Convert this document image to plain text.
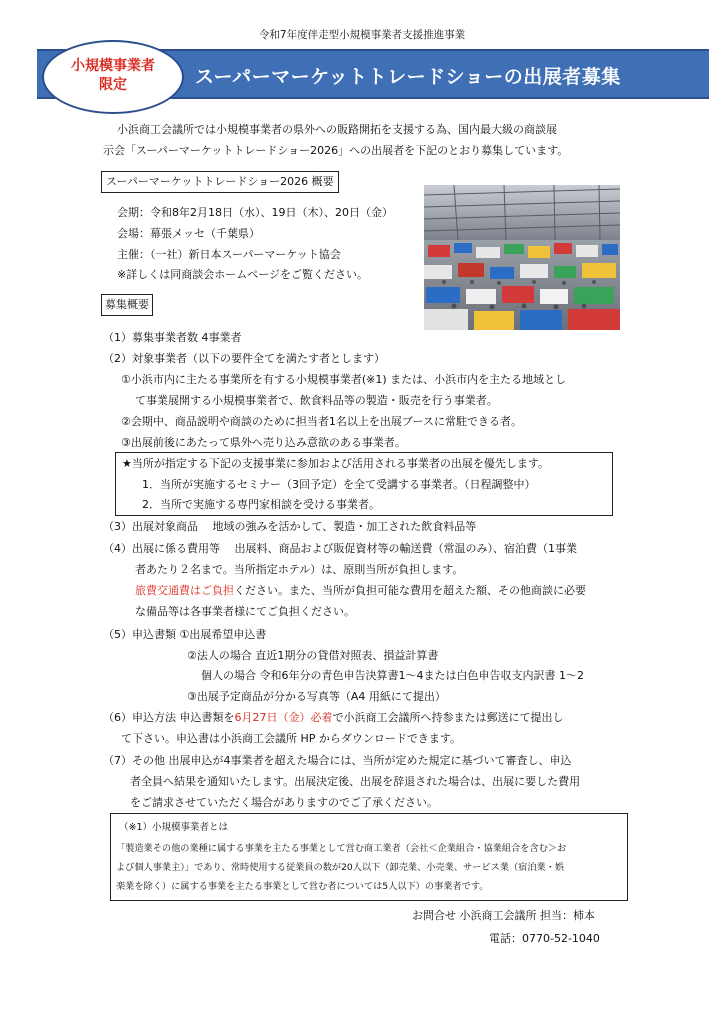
令和7年度伴走型小規模事業者支援推進事業
スーパーマーケットトレードショーの出展者募集
小規模事業者
限定
小浜商工会議所では小規模事業者の県外への販路開拓を支援する為、国内最大級の商談展
示会「スーパーマーケットトレードショー2026」への出展者を下記のとおり募集しています。
スーパーマーケットトレードショー2026 概要
会期：令和8年2月18日（水）、19日（木）、20日（金）
会場：幕張メッセ（千葉県）
主催：（一社）新日本スーパーマーケット協会
※詳しくは同商談会ホームページをご覧ください。
募集概要
（1）募集事業者数 4事業者
（2）対象事業者（以下の要件全てを満たす者とします）
①小浜市内に主たる事業所を有する小規模事業者(※1) または、小浜市内を主たる地域とし
て事業展開する小規模事業者で、飲食料品等の製造・販売を行う事業者。
②会期中、商品説明や商談のために担当者1名以上を出展ブースに常駐できる者。
③出展前後にあたって県外へ売り込み意欲のある事業者。
★当所が指定する下記の支援事業に参加および活用される事業者の出展を優先します。
1．当所が実施するセミナー（3回予定）を全て受講する事業者。（日程調整中）
2．当所で実施する専門家相談を受ける事業者。
（3）出展対象商品　 地域の強みを活かして、製造・加工された飲食料品等
（4）出展に係る費用等　 出展料、商品および販促資材等の輸送費（常温のみ）、宿泊費（1事業
者あたり２名まで。当所指定ホテル）は、原則当所が負担します。
旅費交通費はご負担ください。また、当所が負担可能な費用を超えた額、その他商談に必要
な備品等は各事業者様にてご負担ください。
（5）申込書類 ①出展希望申込書
②法人の場合 直近1期分の貸借対照表、損益計算書
個人の場合 令和6年分の青色申告決算書1～4または白色申告収支内訳書 1～2
③出展予定商品が分かる写真等（A4 用紙にて提出）
（6）申込方法 申込書類を6月27日（金）必着で小浜商工会議所へ持参または郵送にて提出し
て下さい。申込書は小浜商工会議所 HP からダウンロードできます。
（7）その他 出展申込が4事業者を超えた場合には、当所が定めた規定に基づいて審査し、申込
者全員へ結果を通知いたします。出展決定後、出展を辞退された場合は、出展に要した費用
をご請求させていただく場合がありますのでご了承ください。
（※1）小規模事業者とは
「製造業その他の業種に属する事業を主たる事業として営む商工業者（会社＜企業組合・協業組合を含む＞お
よび個人事業主）」であり、常時使用する従業員の数が20人以下（卸売業、小売業、サービス業（宿泊業・娯
楽業を除く）に属する事業を主たる事業として営む者については5人以下）の事業者です。
お問合せ 小浜商工会議所 担当：柿本
電話：0770-52-1040
